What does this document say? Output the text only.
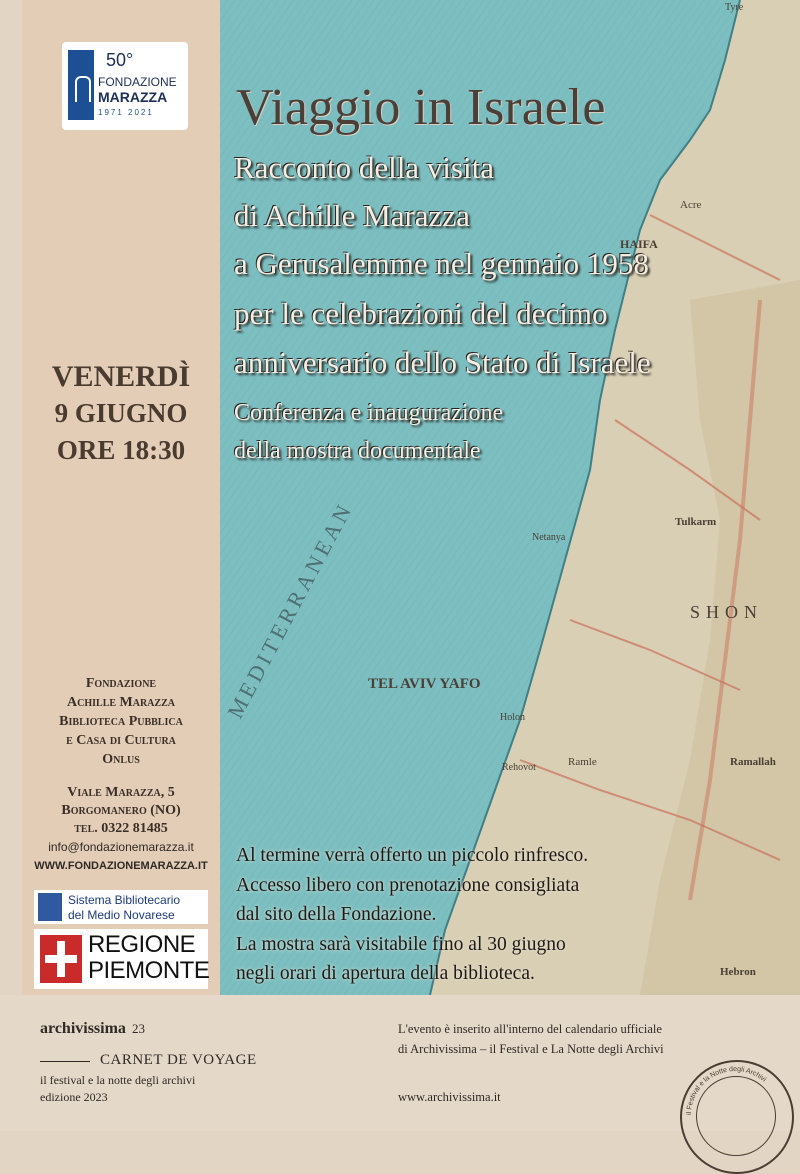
MEDITERRANEAN TEL AVIV YAFO
HAIFA
SHON
Ramallah
Tulkarm
Hebron
Acre
Holon
Rehovot	Ramle
Netanya
Tyre
50°
FONDAZIONE
MARAZZA
1971 2021
VENERDÌ
9 GIUGNO
ORE 18:30
Fondazione
Achille Marazza
Biblioteca Pubblica
e Casa di Cultura
Onlus
Viale Marazza, 5
Borgomanero (NO)
tel. 0322 81485
info@fondazionemarazza.it
WWW.FONDAZIONEMARAZZA.IT
Sistema Bibliotecario
del Medio Novarese
REGIONE
PIEMONTE
Viaggio in Israele
Racconto della visita
di Achille Marazza
a Gerusalemme nel gennaio 1958
per le celebrazioni del decimo
anniversario dello Stato di Israele
Conferenza e inaugurazione
della mostra documentale
Al termine verrà offerto un piccolo rinfresco.
Accesso libero con prenotazione consigliata
dal sito della Fondazione.
La mostra sarà visitabile fino al 30 giugno
negli orari di apertura della biblioteca.
archivissima 23
CARNET DE VOYAGE
il festival e la notte degli archivi
edizione 2023
L'evento è inserito all'interno del calendario ufficiale
di Archivissima – il Festival e La Notte degli Archivi
www.archivissima.it
il Festival e la Notte degli Archivi
